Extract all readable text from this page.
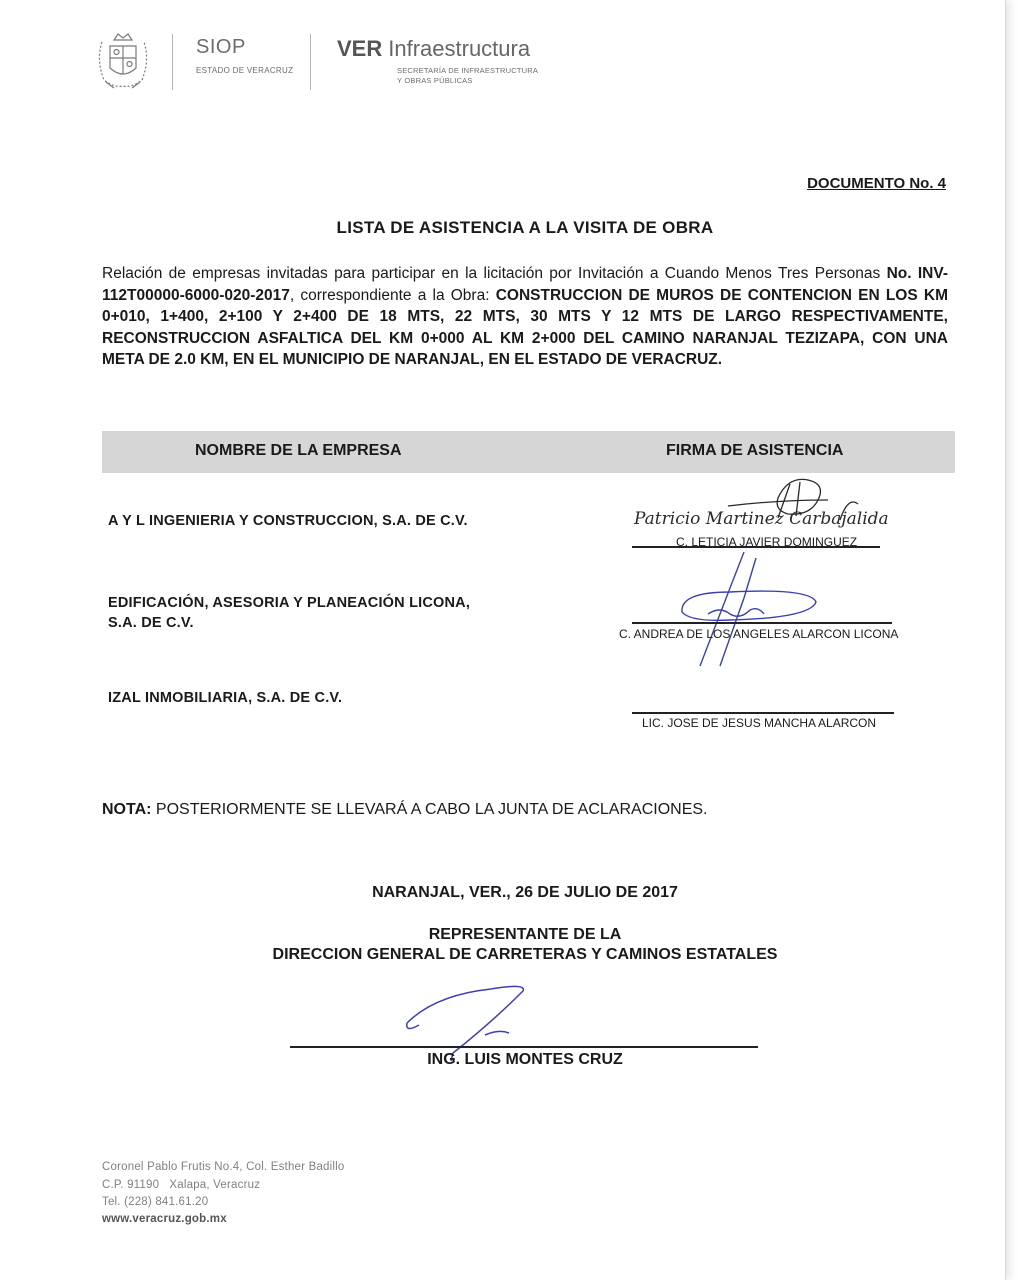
SIOP
ESTADO DE VERACRUZ
VER Infraestructura
SECRETARÍA DE INFRAESTRUCTURA
Y OBRAS PÚBLICAS
DOCUMENTO No. 4
LISTA DE ASISTENCIA A LA VISITA DE OBRA
Relación de empresas invitadas para participar en la licitación por Invitación a Cuando Menos Tres Personas No. INV-112T00000-6000-020-2017, correspondiente a la Obra: CONSTRUCCION DE MUROS DE CONTENCION EN LOS KM 0+010, 1+400, 2+100 Y 2+400 DE 18 MTS, 22 MTS, 30 MTS Y 12 MTS DE LARGO RESPECTIVAMENTE, RECONSTRUCCION ASFALTICA DEL KM 0+000 AL KM 2+000 DEL CAMINO NARANJAL TEZIZAPA, CON UNA META DE 2.0 KM, EN EL MUNICIPIO DE NARANJAL, EN EL ESTADO DE VERACRUZ.
NOMBRE DE LA EMPRESA	FIRMA DE ASISTENCIA
A Y L INGENIERIA Y CONSTRUCCION, S.A. DE C.V.	Patricio Martinez Carbajalida
C. LETICIA JAVIER DOMINGUEZ
EDIFICACIÓN, ASESORIA Y PLANEACIÓN LICONA,
S.A. DE C.V.
C. ANDREA DE LOS ANGELES ALARCON LICONA
IZAL INMOBILIARIA, S.A. DE C.V.
LIC. JOSE DE JESUS MANCHA ALARCON
NOTA: POSTERIORMENTE SE LLEVARÁ A CABO LA JUNTA DE ACLARACIONES.
NARANJAL, VER., 26 DE JULIO DE 2017
REPRESENTANTE DE LA
DIRECCION GENERAL DE CARRETERAS Y CAMINOS ESTATALES
ING. LUIS MONTES CRUZ
Coronel Pablo Frutis No.4, Col. Esther Badillo
C.P. 91190   Xalapa, Veracruz
Tel. (228) 841.61.20
www.veracruz.gob.mx
